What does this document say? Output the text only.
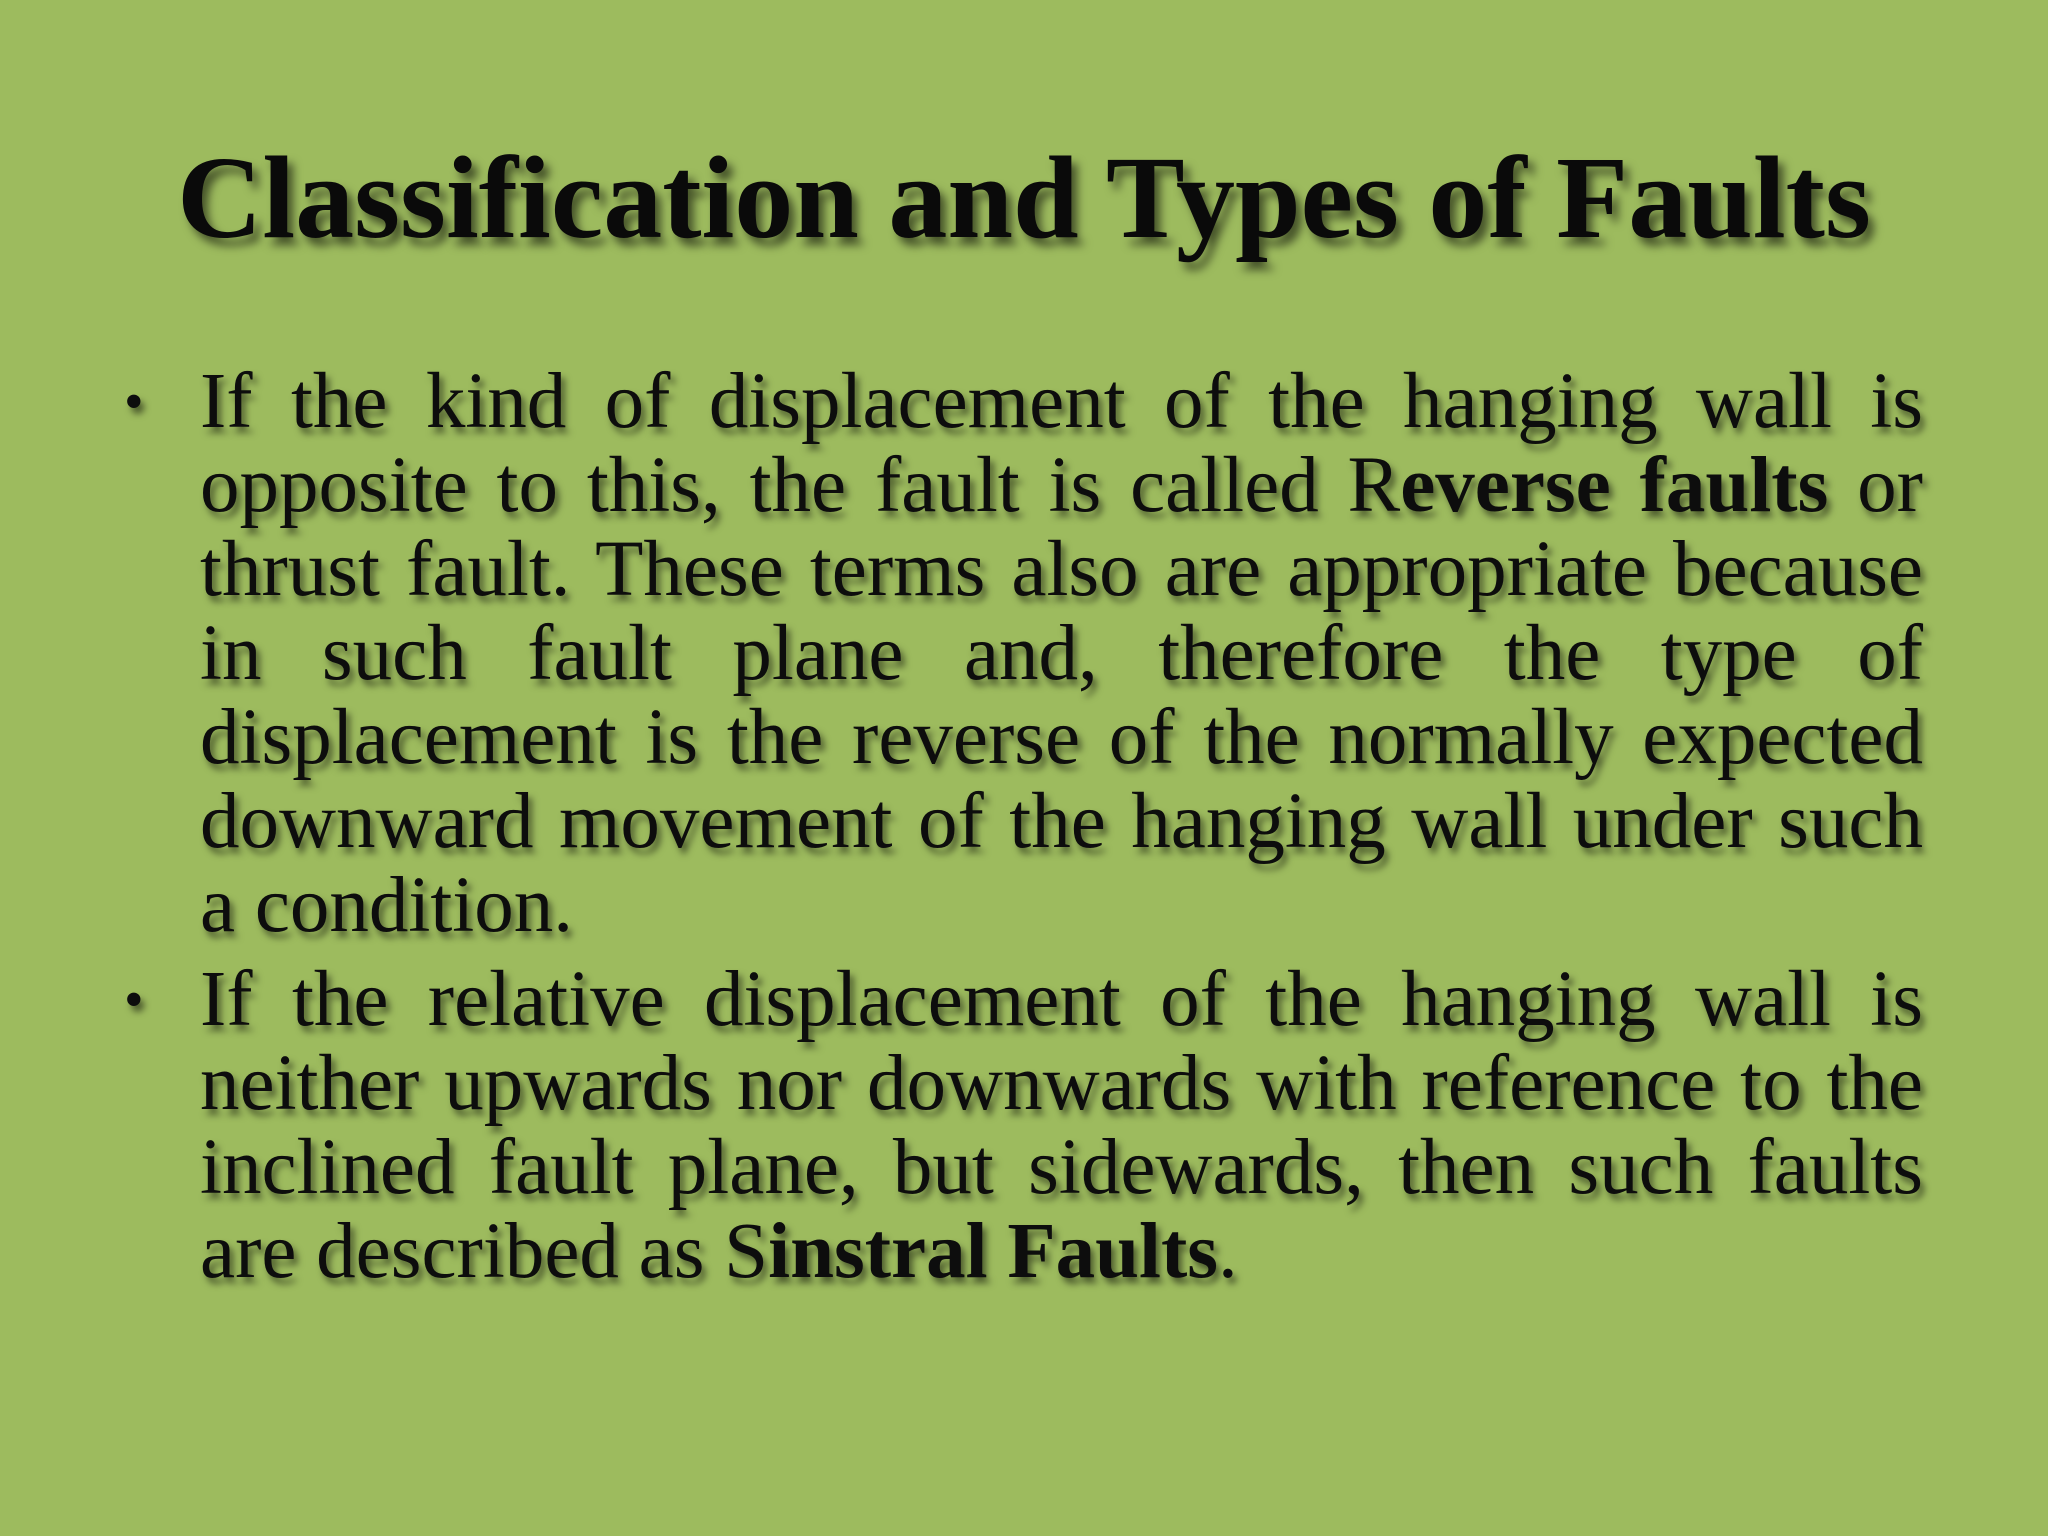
Classification and Types of Faults
• If the kind of displacement of the hanging wall is opposite to this, the fault is called Reverse faults or thrust fault. These terms also are appropriate because in such fault plane and, therefore the type of displacement is the reverse of the normally expected downward movement of the hanging wall under such a condition.
• If the relative displacement of the hanging wall is neither upwards nor downwards with reference to the inclined fault plane, but sidewards, then such faults are described as Sinstral Faults.
